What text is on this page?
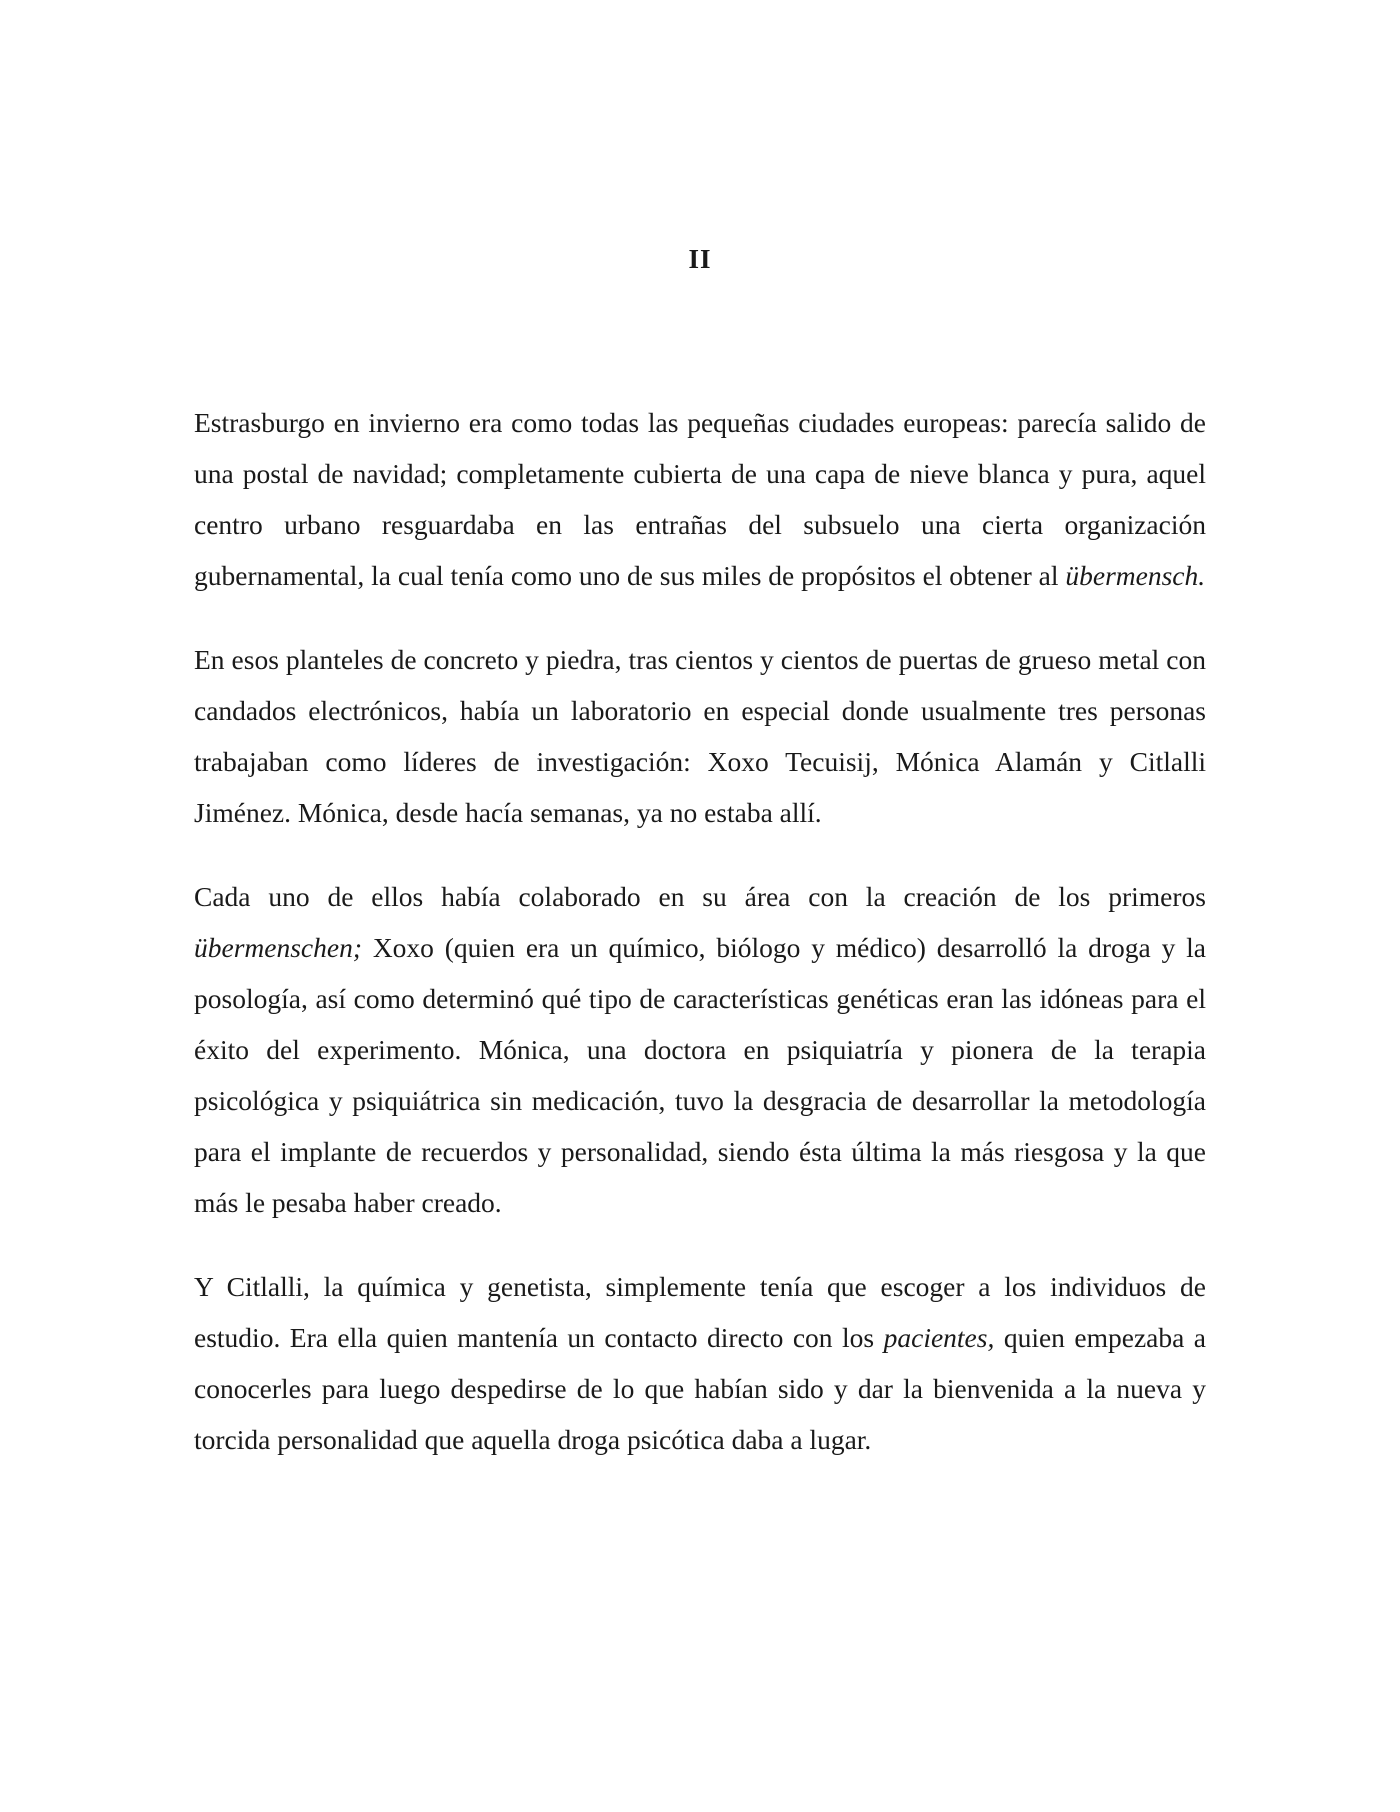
II

Estrasburgo en invierno era como todas las pequeñas ciudades europeas: parecía salido de una postal de navidad; completamente cubierta de una capa de nieve blanca y pura, aquel centro urbano resguardaba en las entrañas del subsuelo una cierta organización gubernamental, la cual tenía como uno de sus miles de propósitos el obtener al übermensch.

En esos planteles de concreto y piedra, tras cientos y cientos de puertas de grueso metal con candados electrónicos, había un laboratorio en especial donde usualmente tres personas trabajaban como líderes de investigación: Xoxo Tecuisij, Mónica Alamán y Citlalli Jiménez. Mónica, desde hacía semanas, ya no estaba allí.

Cada uno de ellos había colaborado en su área con la creación de los primeros übermenschen; Xoxo (quien era un químico, biólogo y médico) desarrolló la droga y la posología, así como determinó qué tipo de características genéticas eran las idóneas para el éxito del experimento. Mónica, una doctora en psiquiatría y pionera de la terapia psicológica y psiquiátrica sin medicación, tuvo la desgracia de desarrollar la metodología para el implante de recuerdos y personalidad, siendo ésta última la más riesgosa y la que más le pesaba haber creado.

Y Citlalli, la química y genetista, simplemente tenía que escoger a los individuos de estudio. Era ella quien mantenía un contacto directo con los pacientes, quien empezaba a conocerles para luego despedirse de lo que habían sido y dar la bienvenida a la nueva y torcida personalidad que aquella droga psicótica daba a lugar.
